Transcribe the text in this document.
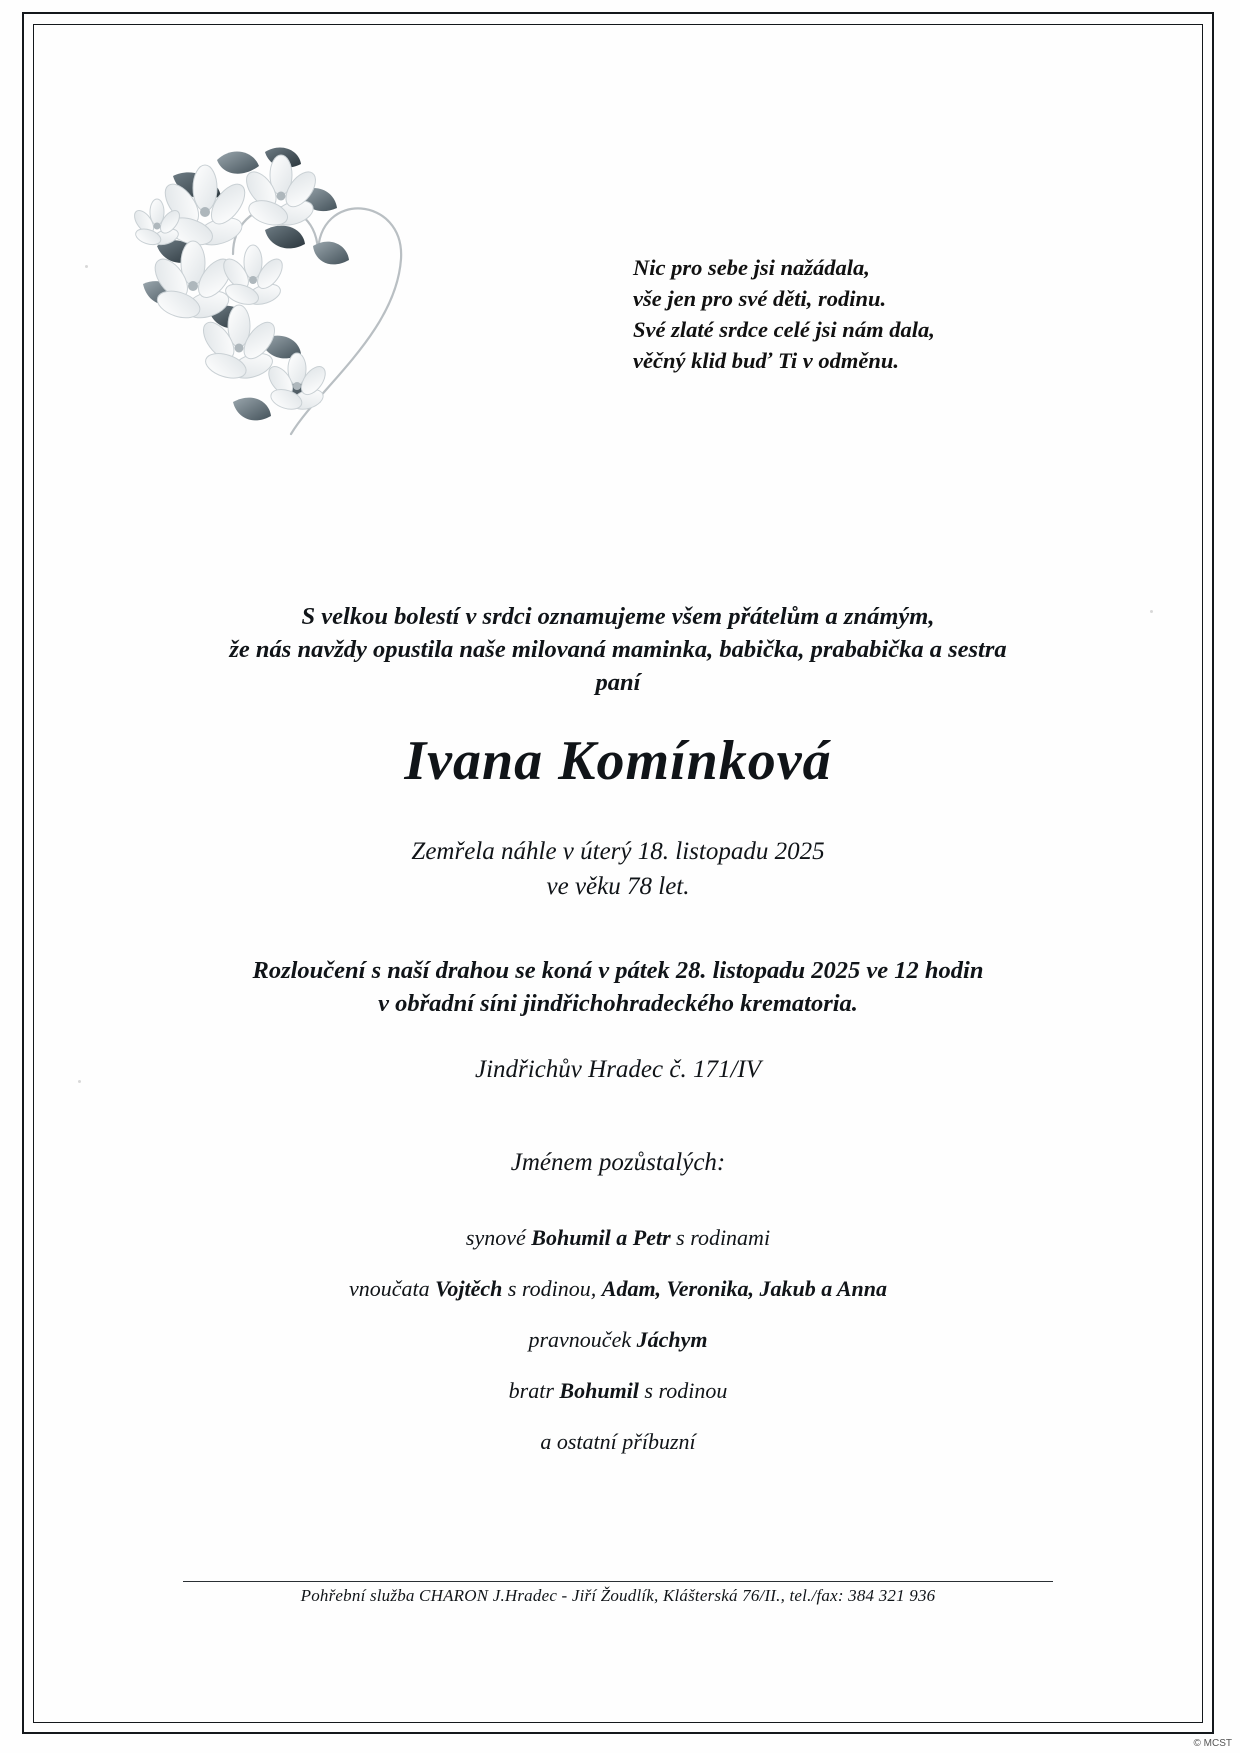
Nic pro sebe jsi nažádala,
vše jen pro své děti, rodinu.
Své zlaté srdce celé jsi nám dala,
věčný klid buď Ti v odměnu.
S velkou bolestí v srdci oznamujeme všem přátelům a známým,
že nás navždy opustila naše milovaná maminka, babička, prababička a sestra
paní
Ivana Komínková
Zemřela náhle v úterý 18. listopadu 2025
ve věku 78 let.
Rozloučení s naší drahou se koná v pátek 28. listopadu 2025 ve 12 hodin
v obřadní síni jindřichohradeckého krematoria.
Jindřichův Hradec č. 171/IV
Jménem pozůstalých:
synové Bohumil a Petr s rodinami
vnoučata Vojtěch s rodinou, Adam, Veronika, Jakub a Anna
pravnouček Jáchym
bratr Bohumil s rodinou
a ostatní příbuzní
Pohřební služba CHARON J.Hradec - Jiří Žoudlík, Klášterská 76/II., tel./fax: 384 321 936
© MCST
